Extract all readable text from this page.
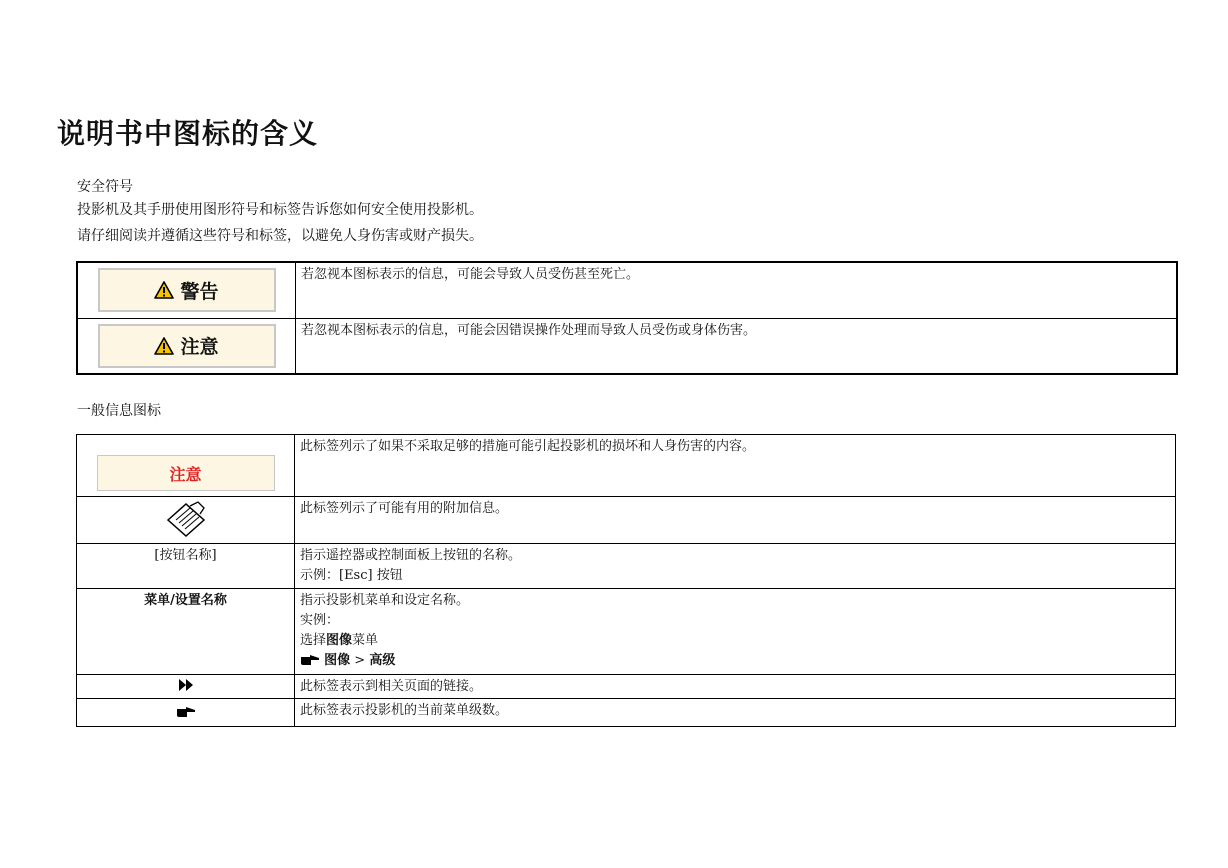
说明书中图标的含义
安全符号
投影机及其手册使用图形符号和标签告诉您如何安全使用投影机。
请仔细阅读并遵循这些符号和标签，以避免人身伤害或财产损失。
警告	若忽视本图标表示的信息，可能会导致人员受伤甚至死亡。

注意	若忽视本图标表示的信息，可能会因错误操作处理而导致人员受伤或身体伤害。
一般信息图标
注意	此标签列示了如果不采取足够的措施可能引起投影机的损坏和人身伤害的内容。
	此标签列示了可能有用的附加信息。
[按钮名称]	指示遥控器或控制面板上按钮的名称。
示例：[Esc] 按钮

菜单/设置名称	指示投影机菜单和设定名称。
实例：
选择图像菜单
图像 > 高级

	此标签表示到相关页面的链接。
	此标签表示投影机的当前菜单级数。
